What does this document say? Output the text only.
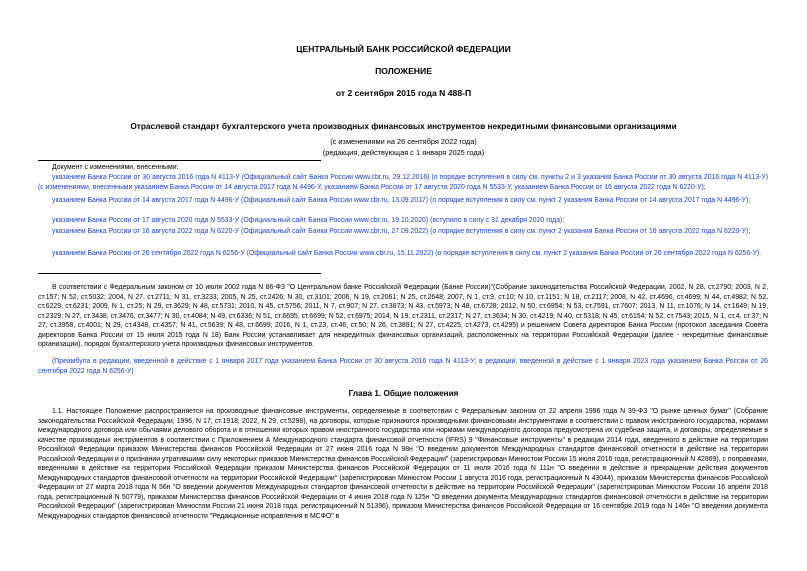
ЦЕНТРАЛЬНЫЙ БАНК РОССИЙСКОЙ ФЕДЕРАЦИИ
ПОЛОЖЕНИЕ
от 2 сентября 2015 года N 488-П
Отраслевой стандарт бухгалтерского учета производных финансовых инструментов некредитными финансовыми организациями
(с изменениями на 26 сентября 2022 года)
(редакция, действующая с 1 января 2025 года)
Документ с изменениями, внесенными:
указанием Банка России от 30 августа 2016 года N 4113-У (Официальный сайт Банка России www.cbr.ru, 29.12.2016) (о порядке вступления в силу см. пункты 2 и 3 указания Банка России от 30 августа 2016 года N 4113-У) (с изменениями, внесенными указанием Банка России от 14 августа 2017 года N 4496-У, указанием Банка России от 17 августа 2020 года N 5533-У, указанием Банка России от 16 августа 2022 года N 6220-У);
указанием Банка России от 14 августа 2017 года N 4496-У (Официальный сайт Банка России www.cbr.ru, 13.09.2017) (о порядке вступления в силу см. пункт 2 указания Банка России от 14 августа 2017 года N 4496-У);
указанием Банка России от 17 августа 2020 года N 5533-У (Официальный сайт Банка России www.cbr.ru, 19.10.2020) (вступило в силу с 31 декабря 2020 года);
указанием Банка России от 16 августа 2022 года N 6220-У (Официальный сайт Банка России www.cbr.ru, 27.09.2022) (о порядке вступления в силу см. пункт 2 указания Банка России от 16 августа 2022 года N 6220-У);
указанием Банка России от 26 сентября 2022 года N 6256-У (Официальный сайт Банка России www.cbr.ru, 15.11.2022) (о порядке вступления в силу см. пункт 2 указания Банка России от 26 сентября 2022 года N 6256-У).
В соответствии с Федеральным законом от 10 июля 2002 года N 86-ФЗ "О Центральном банке Российской Федерации (Банке России)"(Собрание законодательства Российской Федерации, 2002, N 28, ст.2790; 2003, N 2, ст.157; N 52, ст.5032; 2004, N 27, ст.2711; N 31, ст.3233; 2005, N 25, ст.2426; N 30, ст.3101; 2006, N 19, ст.2061; N 25, ст.2648; 2007, N 1, ст.9, ст.10; N 10, ст.1151; N 18, ст.2117; 2008, N 42, ст.4696, ст.4699; N 44, ст.4982; N 52, ст.6229, ст.6231; 2009, N 1, ст.25; N 29, ст.3629; N 48, ст.5731; 2010, N 45, ст.5756; 2011, N 7, ст.907; N 27, ст.3873; N 43, ст.5973; N 48, ст.6728; 2012, N 50, ст.6954; N 53, ст.7591, ст.7607; 2013, N 11, ст.1076; N 14, ст.1649; N 19, ст.2329; N 27, ст.3438, ст.3476, ст.3477; N 30, ст.4084; N 49, ст.6336; N 51, ст.6695, ст.6699; N 52, ст.6975; 2014, N 19, ст.2311, ст.2317; N 27, ст.3634; N 30, ст.4219; N 40, ст.5318; N 45, ст.6154; N 52, ст.7543; 2015, N 1, ст.4, ст.37; N 27, ст.3958, ст.4001; N 29, ст.4348, ст.4357; N 41, ст.5639; N 48, ст.6699; 2016, N 1, ст.23, ст.46, ст.50; N 26, ст.3891; N 27, ст.4225, ст.4273, ст.4295) и решением Совета директоров Банка России (протокол заседания Совета директоров Банка России от 15 июля 2015 года N 18) Банк России устанавливает для некредитных финансовых организаций, расположенных на территории Российской Федерации (далее - некредитные финансовые организации), порядок бухгалтерского учета производных финансовых инструментов.
(Преамбула в редакции, введенной в действие с 1 января 2017 года указанием Банка России от 30 августа 2016 года N 4113-У; в редакции, введенной в действие с 1 января 2023 года указанием Банка России от 26 сентября 2022 года N 6256-У)
Глава 1. Общие положения
1.1. Настоящее Положение распространяется на производные финансовые инструменты, определяемые в соответствии с Федеральным законом от 22 апреля 1996 года N 39-ФЗ "О рынке ценных бумаг" (Собрание законодательства Российской Федерации, 1996, N 17, ст.1918; 2022, N 29, ст.5298), на договоры, которые признаются производными финансовыми инструментами в соответствии с правом иностранного государства, нормами международного договора или обычаями делового оборота и в отношении которых правом иностранного государства или нормами международного договора предусмотрена их судебная защита, и договоры, определяемые в качестве производных инструментов в соответствии с Приложением А Международного стандарта финансовой отчетности (IFRS) 9 "Финансовые инструменты" в редакции 2014 года, введенного в действие на территории Российской Федерации приказом Министерства финансов Российской Федерации от 27 июня 2016 года N 98н "О введении документов Международных стандартов финансовой отчетности в действие на территории Российской Федерации и о признании утратившими силу некоторых приказов Министерства финансов Российской Федерации" (зарегистрирован Минюстом России 15 июля 2016 года, регистрационный N 42869), с поправками, введенными в действие на территории Российской Федерации приказом Министерства финансов Российской Федерации от 11 июля 2016 года N 111н "О введении в действие и прекращении действия документов Международных стандартов финансовой отчетности на территории Российской Федерации" (зарегистрирован Минюстом России 1 августа 2016 года, регистрационный N 43044), приказом Министерства финансов Российской Федерации от 27 марта 2018 года N 56н "О введении документов Международных стандартов финансовой отчетности в действие на территории Российской Федерации" (зарегистрирован Минюстом России 16 апреля 2018 года, регистрационный N 50779), приказом Министерства финансов Российской Федерации от 4 июня 2018 года N 125н "О введении документа Международных стандартов финансовой отчетности в действие на территории Российской Федерации" (зарегистрирован Минюстом России 21 июня 2018 года, регистрационный N 51396), приказом Министерства финансов Российской Федерации от 16 сентября 2019 года N 146н "О введении документа Международных стандартов финансовой отчетности "Редакционные исправления в МСФО" в
